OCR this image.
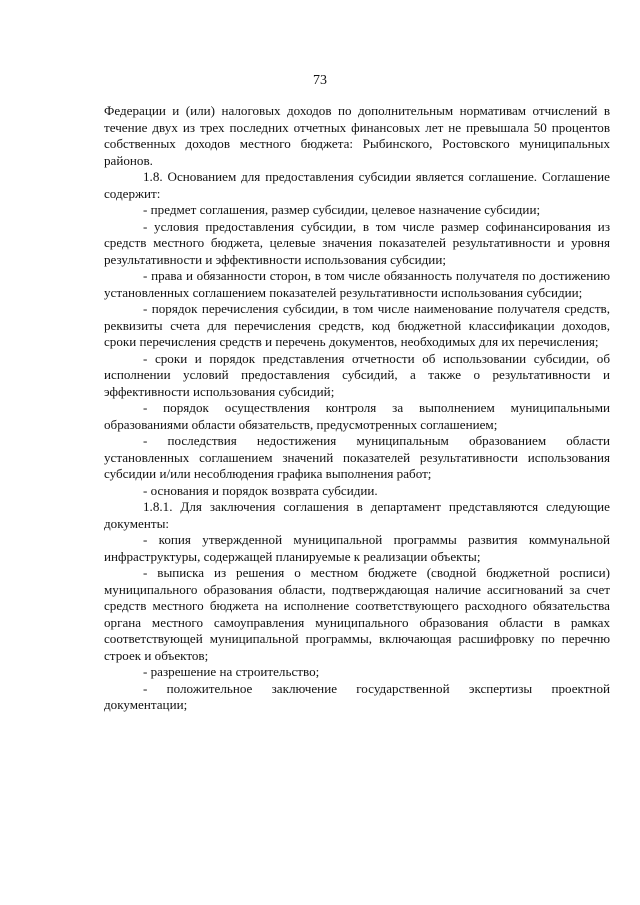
73

Федерации и (или) налоговых доходов по дополнительным нормативам отчислений в течение двух из трех последних отчетных финансовых лет не превышала 50 процентов собственных доходов местного бюджета: Рыбинского, Ростовского муниципальных районов.

1.8. Основанием для предоставления субсидии является соглашение. Соглашение содержит:

- предмет соглашения, размер субсидии, целевое назначение субсидии;

- условия предоставления субсидии, в том числе размер софинансирования из средств местного бюджета, целевые значения показателей результативности и уровня результативности и эффективности использования субсидии;

- права и обязанности сторон, в том числе обязанность получателя по достижению установленных соглашением показателей результативности использования субсидии;

- порядок перечисления субсидии, в том числе наименование получателя средств, реквизиты счета для перечисления средств, код бюджетной классификации доходов, сроки перечисления средств и перечень документов, необходимых для их перечисления;

- сроки и порядок представления отчетности об использовании субсидии, об исполнении условий предоставления субсидий, а также о результативности и эффективности использования субсидий;

- порядок осуществления контроля за выполнением муниципальными образованиями области обязательств, предусмотренных соглашением;

- последствия недостижения муниципальным образованием области установленных соглашением значений показателей результативности использования субсидии и/или несоблюдения графика выполнения работ;

- основания и порядок возврата субсидии.

1.8.1. Для заключения соглашения в департамент представляются следующие документы:

- копия утвержденной муниципальной программы развития коммунальной инфраструктуры, содержащей планируемые к реализации объекты;

- выписка из решения о местном бюджете (сводной бюджетной росписи) муниципального образования области, подтверждающая наличие ассигнований за счет средств местного бюджета на исполнение соответствующего расходного обязательства органа местного самоуправления муниципального образования области в рамках соответствующей муниципальной программы, включающая расшифровку по перечню строек и объектов;

- разрешение на строительство;

- положительное заключение государственной экспертизы проектной документации;
